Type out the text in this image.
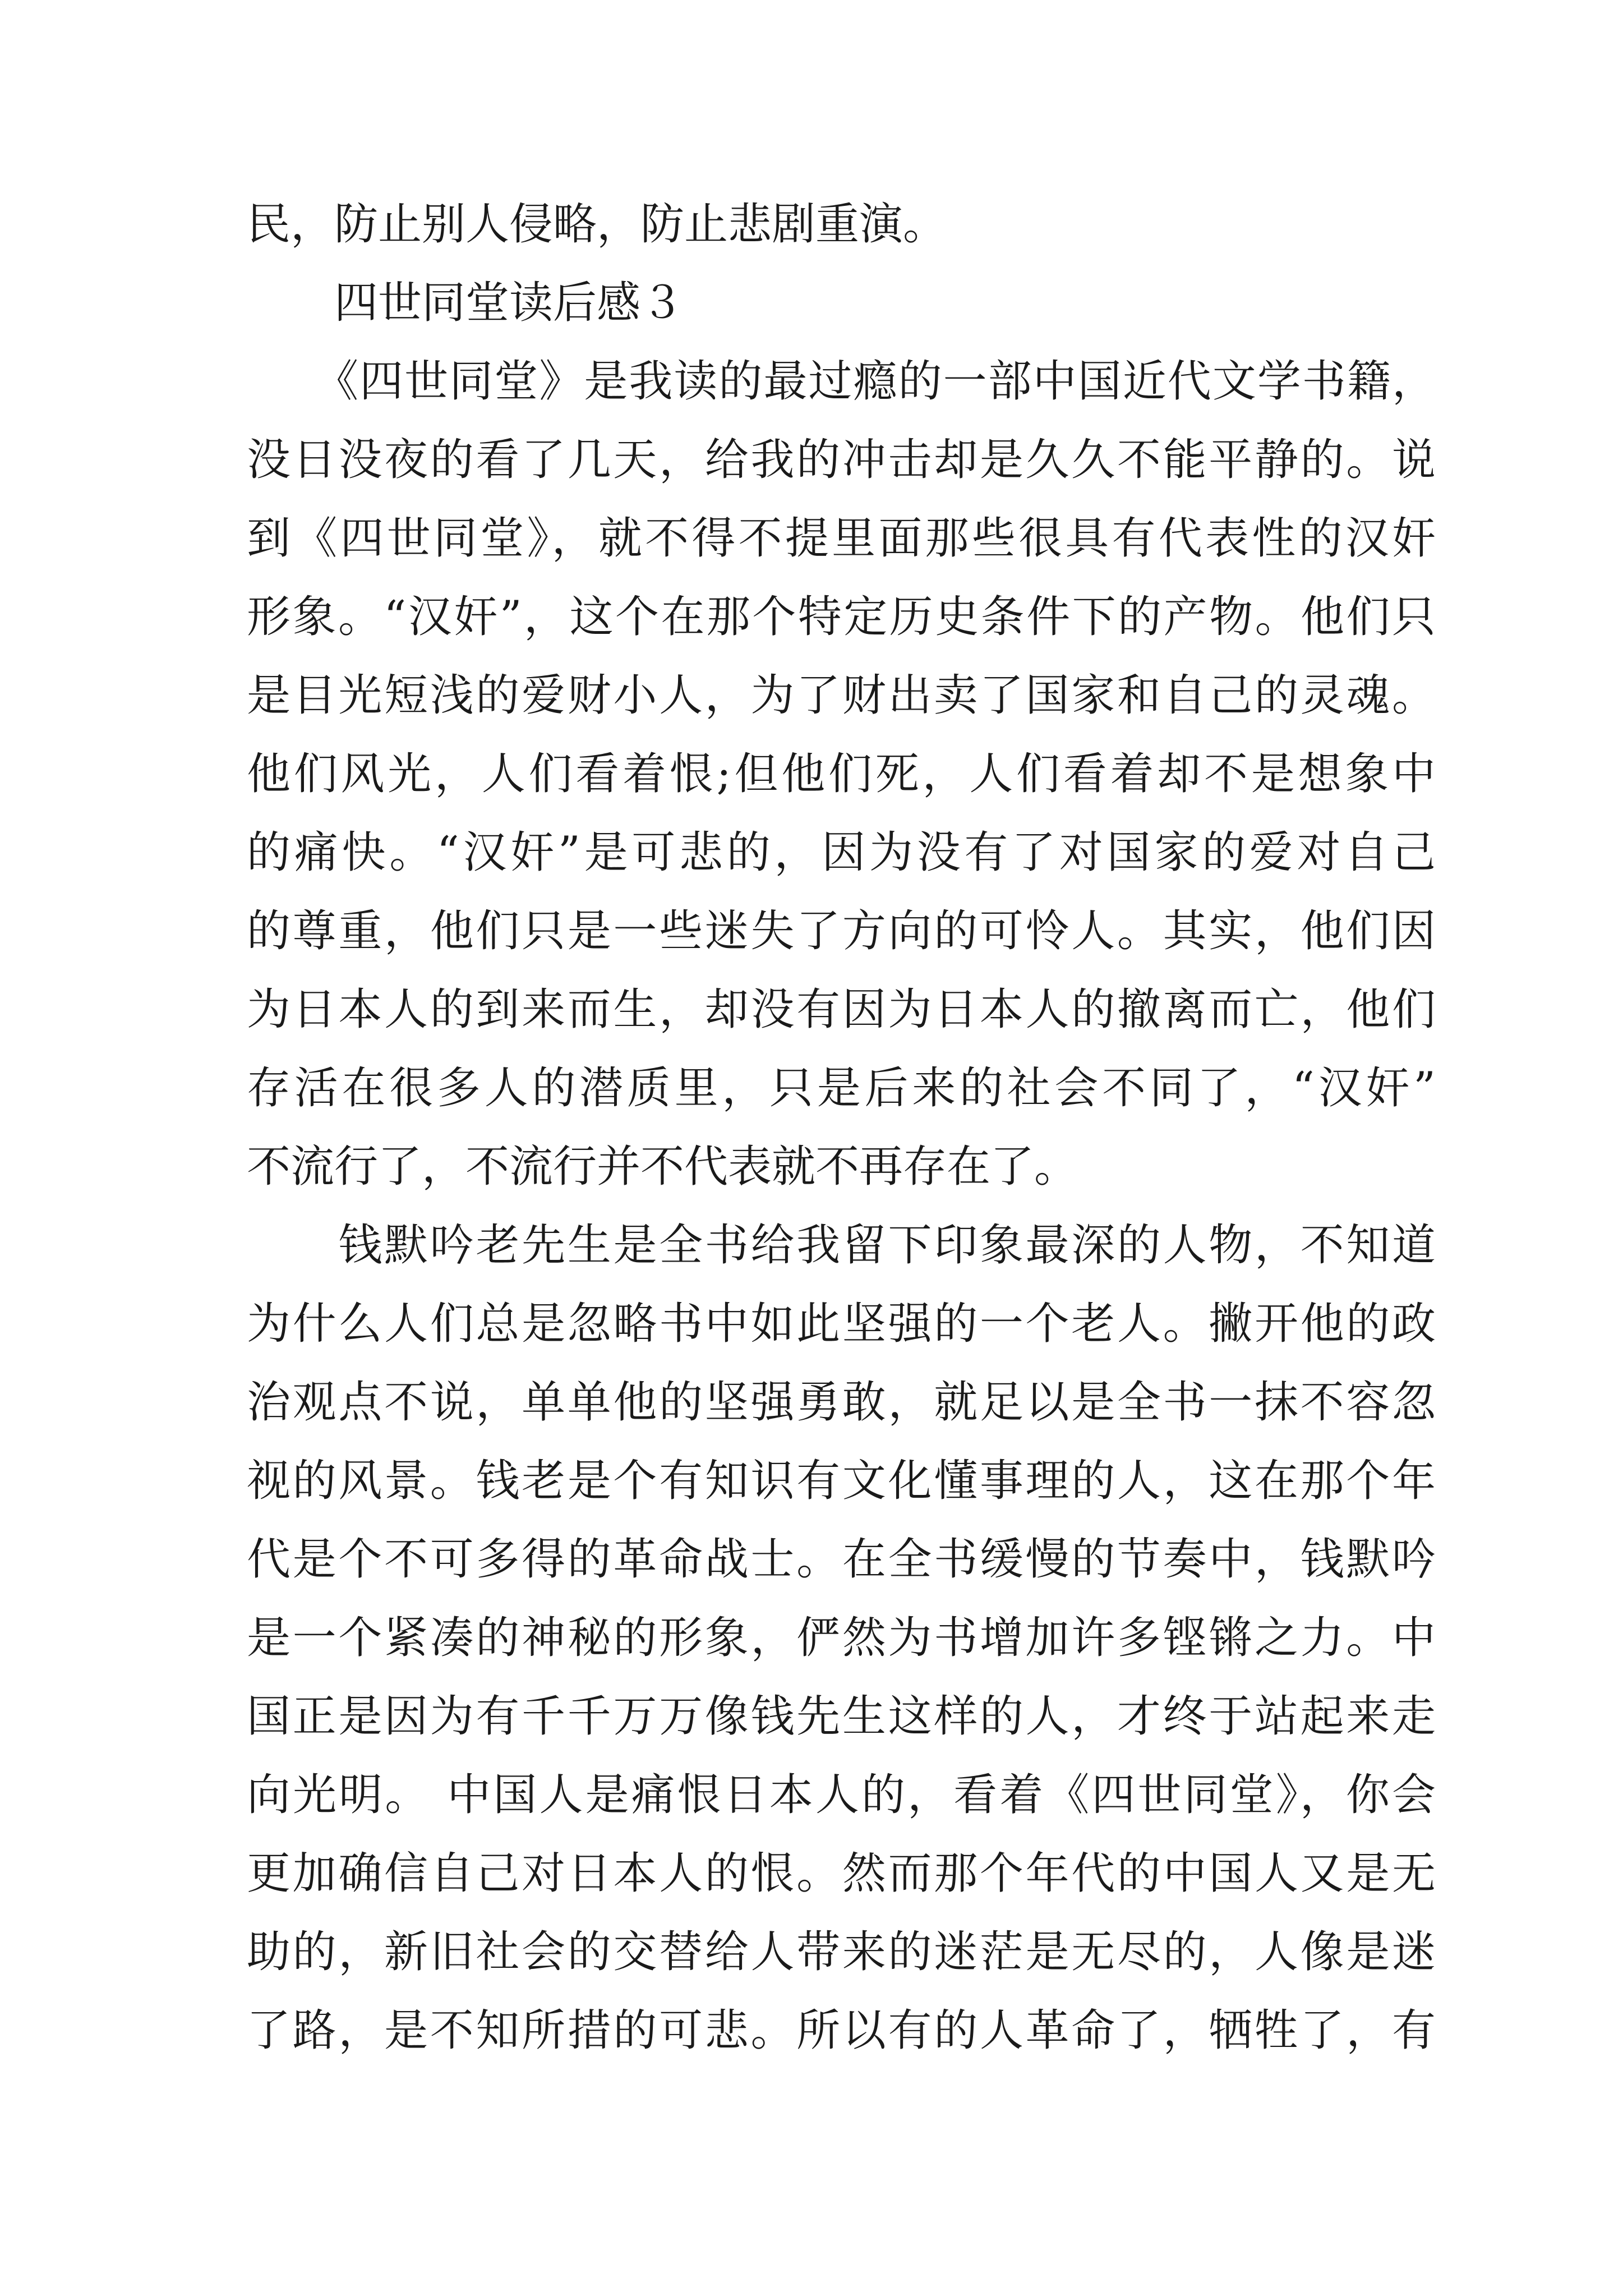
民，防止别人侵略，防止悲剧重演。
　　四世同堂读后感３
　　《四世同堂》是我读的最过瘾的一部中国近代文学书籍，
没日没夜的看了几天，给我的冲击却是久久不能平静的。说
到《四世同堂》，就不得不提里面那些很具有代表性的汉奸
形象。“汉奸”，这个在那个特定历史条件下的产物。他们只
是目光短浅的爱财小人，为了财出卖了国家和自己的灵魂。
他们风光，人们看着恨;但他们死，人们看着却不是想象中
的痛快。“汉奸”是可悲的，因为没有了对国家的爱对自己
的尊重，他们只是一些迷失了方向的可怜人。其实，他们因
为日本人的到来而生，却没有因为日本人的撤离而亡，他们
存活在很多人的潜质里，只是后来的社会不同了，“汉奸”
不流行了，不流行并不代表就不再存在了。
　　钱默吟老先生是全书给我留下印象最深的人物，不知道
为什么人们总是忽略书中如此坚强的一个老人。撇开他的政
治观点不说，单单他的坚强勇敢，就足以是全书一抹不容忽
视的风景。钱老是个有知识有文化懂事理的人，这在那个年
代是个不可多得的革命战士。在全书缓慢的节奏中，钱默吟
是一个紧凑的神秘的形象，俨然为书增加许多铿锵之力。中
国正是因为有千千万万像钱先生这样的人，才终于站起来走
向光明。 中国人是痛恨日本人的，看着《四世同堂》，你会
更加确信自己对日本人的恨。然而那个年代的中国人又是无
助的，新旧社会的交替给人带来的迷茫是无尽的，人像是迷
了路，是不知所措的可悲。所以有的人革命了，牺牲了，有
